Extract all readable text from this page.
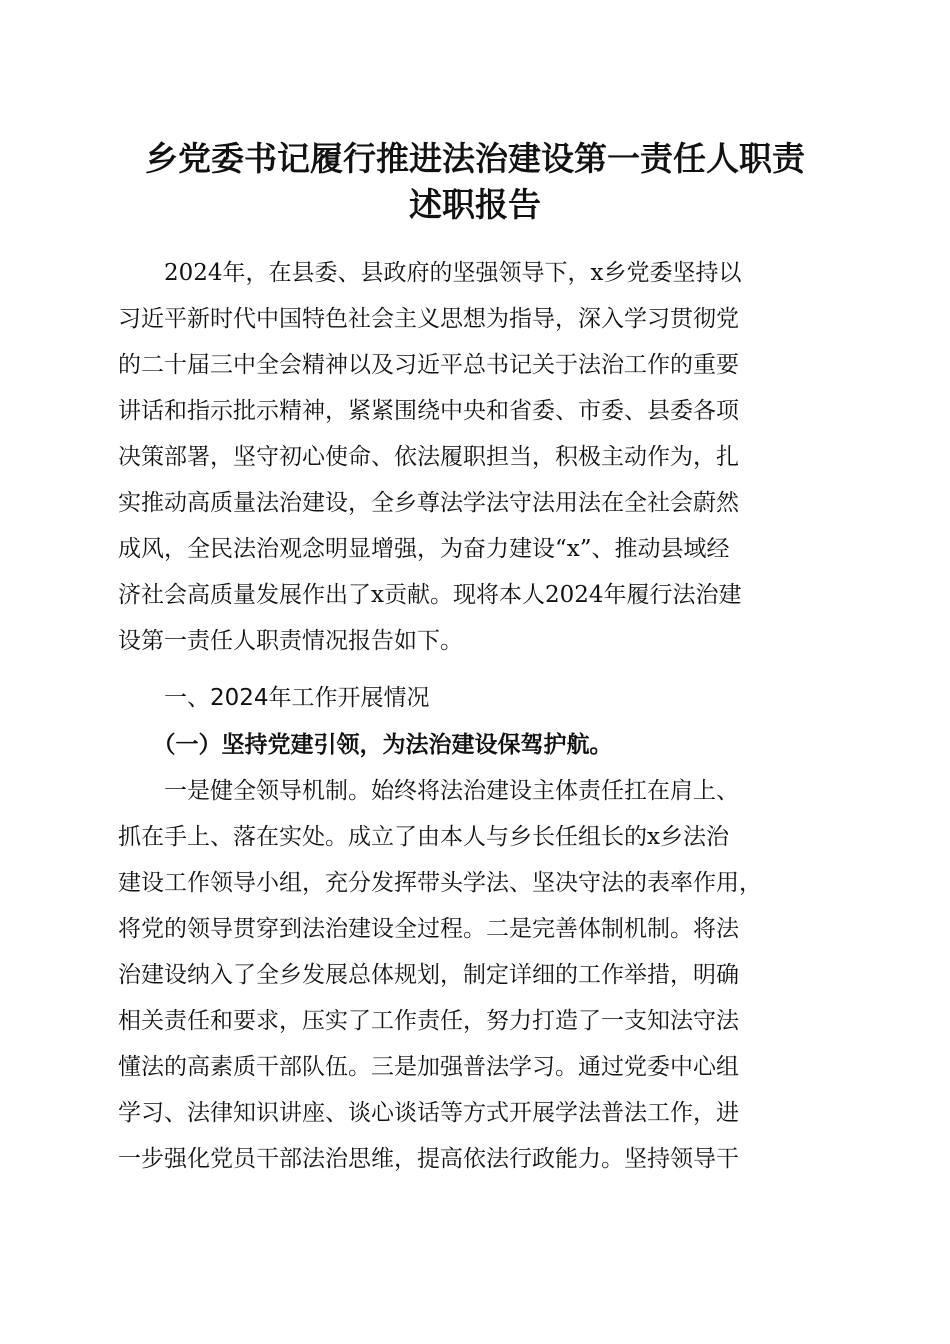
乡党委书记履行推进法治建设第一责任人职责
述职报告

　　2024年，在县委、县政府的坚强领导下，x乡党委坚持以

习近平新时代中国特色社会主义思想为指导，深入学习贯彻党

的二十届三中全会精神以及习近平总书记关于法治工作的重要

讲话和指示批示精神，紧紧围绕中央和省委、市委、县委各项

决策部署，坚守初心使命、依法履职担当，积极主动作为，扎

实推动高质量法治建设，全乡尊法学法守法用法在全社会蔚然

成风，全民法治观念明显增强，为奋力建设“x”、推动县域经

济社会高质量发展作出了x贡献。现将本人2024年履行法治建

设第一责任人职责情况报告如下。

　　一、2024年工作开展情况

　　（一）坚持党建引领，为法治建设保驾护航。

　　一是健全领导机制。始终将法治建设主体责任扛在肩上、

抓在手上、落在实处。成立了由本人与乡长任组长的x乡法治

建设工作领导小组，充分发挥带头学法、坚决守法的表率作用，

将党的领导贯穿到法治建设全过程。二是完善体制机制。将法

治建设纳入了全乡发展总体规划，制定详细的工作举措，明确

相关责任和要求，压实了工作责任，努力打造了一支知法守法

懂法的高素质干部队伍。三是加强普法学习。通过党委中心组

学习、法律知识讲座、谈心谈话等方式开展学法普法工作，进

一步强化党员干部法治思维，提高依法行政能力。坚持领导干
